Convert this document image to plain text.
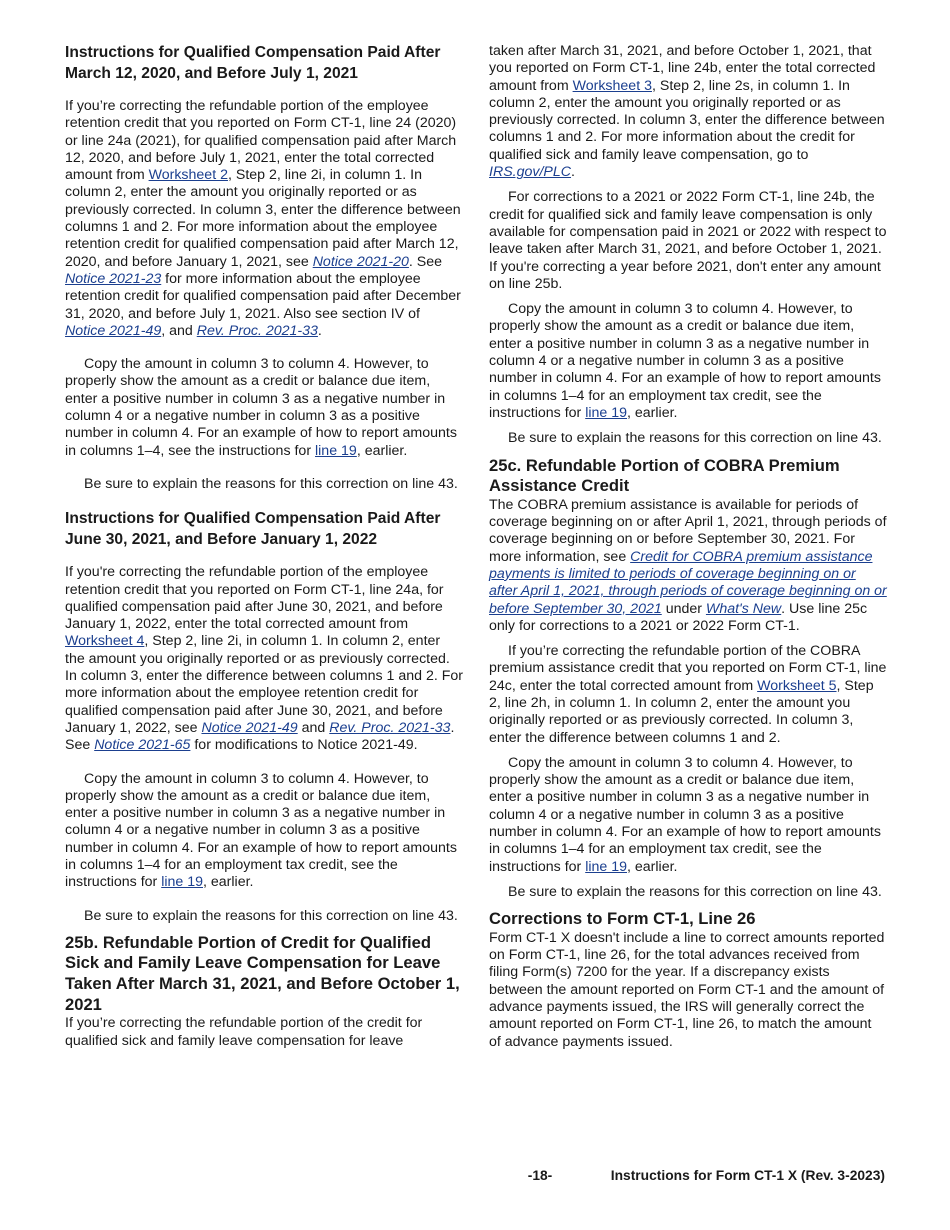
Instructions for Qualified Compensation Paid After March 12, 2020, and Before July 1, 2021

If you’re correcting the refundable portion of the employee retention credit that you reported on Form CT-1, line 24 (2020) or line 24a (2021), for qualified compensation paid after March 12, 2020, and before July 1, 2021, enter the total corrected amount from Worksheet 2, Step 2, line 2i, in column 1. In column 2, enter the amount you originally reported or as previously corrected. In column 3, enter the difference between columns 1 and 2. For more information about the employee retention credit for qualified compensation paid after March 12, 2020, and before January 1, 2021, see Notice 2021-20. See Notice 2021-23 for more information about the employee retention credit for qualified compensation paid after December 31, 2020, and before July 1, 2021. Also see section IV of Notice 2021-49, and Rev. Proc. 2021-33.

Copy the amount in column 3 to column 4. However, to properly show the amount as a credit or balance due item, enter a positive number in column 3 as a negative number in column 4 or a negative number in column 3 as a positive number in column 4. For an example of how to report amounts in columns 1–4, see the instructions for line 19, earlier.

Be sure to explain the reasons for this correction on line 43.

Instructions for Qualified Compensation Paid After June 30, 2021, and Before January 1, 2022

If you're correcting the refundable portion of the employee retention credit that you reported on Form CT-1, line 24a, for qualified compensation paid after June 30, 2021, and before January 1, 2022, enter the total corrected amount from Worksheet 4, Step 2, line 2i, in column 1. In column 2, enter the amount you originally reported or as previously corrected. In column 3, enter the difference between columns 1 and 2. For more information about the employee retention credit for qualified compensation paid after June 30, 2021, and before January 1, 2022, see Notice 2021-49 and Rev. Proc. 2021-33. See Notice 2021-65 for modifications to Notice 2021-49.

Copy the amount in column 3 to column 4. However, to properly show the amount as a credit or balance due item, enter a positive number in column 3 as a negative number in column 4 or a negative number in column 3 as a positive number in column 4. For an example of how to report amounts in columns 1–4 for an employment tax credit, see the instructions for line 19, earlier.

Be sure to explain the reasons for this correction on line 43.

25b. Refundable Portion of Credit for Qualified Sick and Family Leave Compensation for Leave Taken After March 31, 2021, and Before October 1, 2021

If you’re correcting the refundable portion of the credit for qualified sick and family leave compensation for leave

taken after March 31, 2021, and before October 1, 2021, that you reported on Form CT-1, line 24b, enter the total corrected amount from Worksheet 3, Step 2, line 2s, in column 1. In column 2, enter the amount you originally reported or as previously corrected. In column 3, enter the difference between columns 1 and 2. For more information about the credit for qualified sick and family leave compensation, go to IRS.gov/PLC.

For corrections to a 2021 or 2022 Form CT-1, line 24b, the credit for qualified sick and family leave compensation is only available for compensation paid in 2021 or 2022 with respect to leave taken after March 31, 2021, and before October 1, 2021. If you're correcting a year before 2021, don't enter any amount on line 25b.

Copy the amount in column 3 to column 4. However, to properly show the amount as a credit or balance due item, enter a positive number in column 3 as a negative number in column 4 or a negative number in column 3 as a positive number in column 4. For an example of how to report amounts in columns 1–4 for an employment tax credit, see the instructions for line 19, earlier.

Be sure to explain the reasons for this correction on line 43.

25c. Refundable Portion of COBRA Premium Assistance Credit

The COBRA premium assistance is available for periods of coverage beginning on or after April 1, 2021, through periods of coverage beginning on or before September 30, 2021. For more information, see Credit for COBRA premium assistance payments is limited to periods of coverage beginning on or after April 1, 2021, through periods of coverage beginning on or before September 30, 2021 under What's New. Use line 25c only for corrections to a 2021 or 2022 Form CT-1.

If you’re correcting the refundable portion of the COBRA premium assistance credit that you reported on Form CT-1, line 24c, enter the total corrected amount from Worksheet 5, Step 2, line 2h, in column 1. In column 2, enter the amount you originally reported or as previously corrected. In column 3, enter the difference between columns 1 and 2.

Copy the amount in column 3 to column 4. However, to properly show the amount as a credit or balance due item, enter a positive number in column 3 as a negative number in column 4 or a negative number in column 3 as a positive number in column 4. For an example of how to report amounts in columns 1–4 for an employment tax credit, see the instructions for line 19, earlier.

Be sure to explain the reasons for this correction on line 43.

Corrections to Form CT-1, Line 26

Form CT-1 X doesn't include a line to correct amounts reported on Form CT-1, line 26, for the total advances received from filing Form(s) 7200 for the year. If a discrepancy exists between the amount reported on Form CT-1 and the amount of advance payments issued, the IRS will generally correct the amount reported on Form CT-1, line 26, to match the amount of advance payments issued.

-18-	Instructions for Form CT-1 X (Rev. 3-2023)
